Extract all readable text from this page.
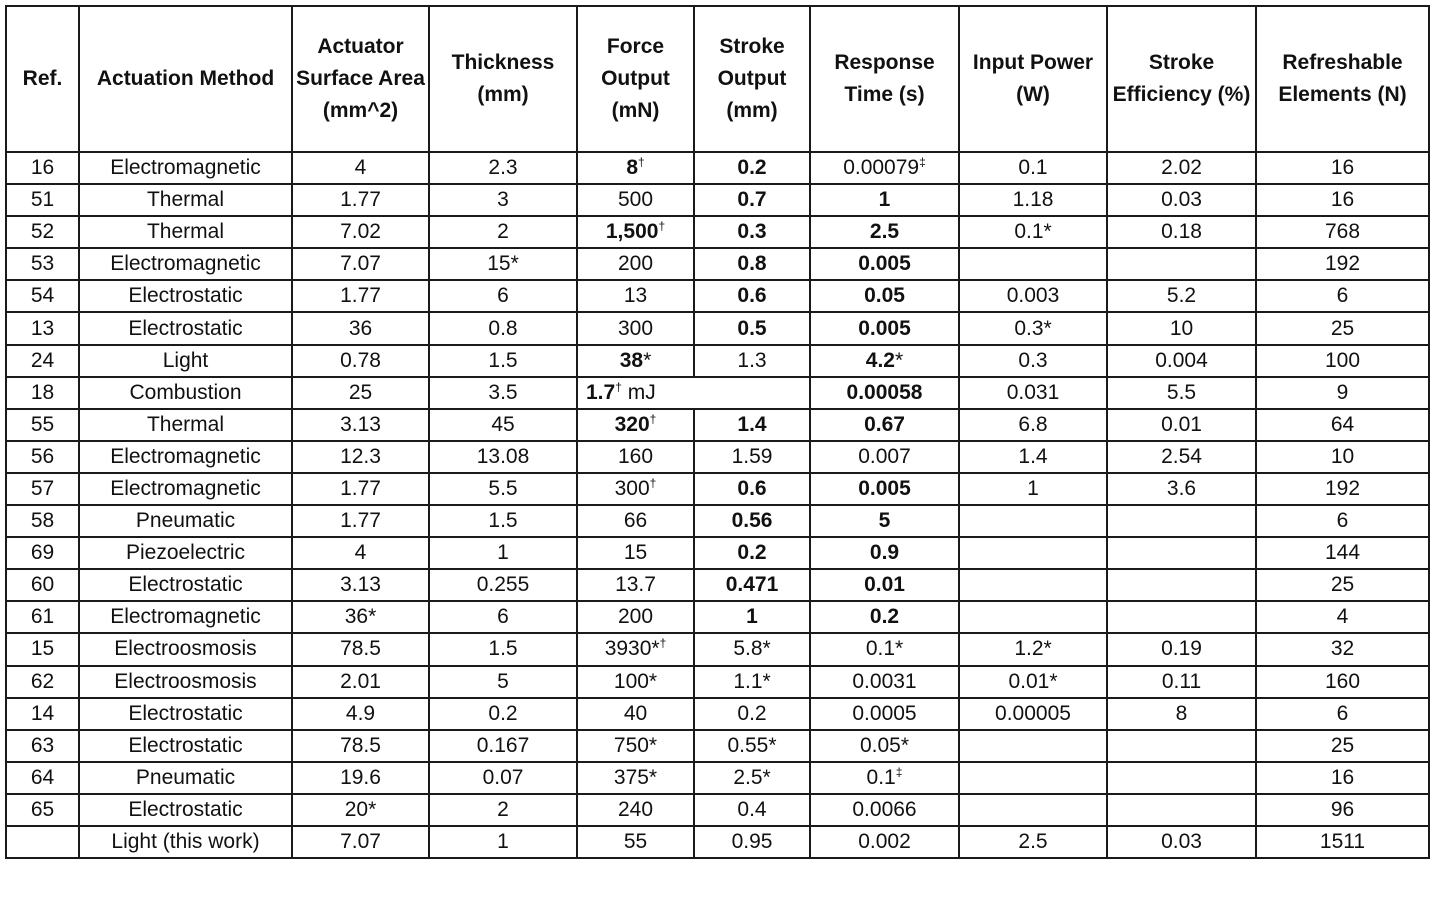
Ref.	Actuation Method	Actuator Surface Area (mm^2)	Thickness (mm)	Force Output (mN)	Stroke Output (mm)	Response Time (s)	Input Power (W)	Stroke Efficiency (%)	Refreshable Elements (N)
16	Electromagnetic	4	2.3	8†	0.2	0.00079‡	0.1	2.02	16
51	Thermal	1.77	3	500	0.7	1	1.18	0.03	16
52	Thermal	7.02	2	1,500†	0.3	2.5	0.1*	0.18	768
53	Electromagnetic	7.07	15*	200	0.8	0.005			192
54	Electrostatic	1.77	6	13	0.6	0.05	0.003	5.2	6
13	Electrostatic	36	0.8	300	0.5	0.005	0.3*	10	25
24	Light	0.78	1.5	38*	1.3	4.2*	0.3	0.004	100
18	Combustion	25	3.5	1.7† mJ		0.00058	0.031	5.5	9
55	Thermal	3.13	45	320†	1.4	0.67	6.8	0.01	64
56	Electromagnetic	12.3	13.08	160	1.59	0.007	1.4	2.54	10
57	Electromagnetic	1.77	5.5	300†	0.6	0.005	1	3.6	192
58	Pneumatic	1.77	1.5	66	0.56	5			6
69	Piezoelectric	4	1	15	0.2	0.9			144
60	Electrostatic	3.13	0.255	13.7	0.471	0.01			25
61	Electromagnetic	36*	6	200	1	0.2			4
15	Electroosmosis	78.5	1.5	3930*†	5.8*	0.1*	1.2*	0.19	32
62	Electroosmosis	2.01	5	100*	1.1*	0.0031	0.01*	0.11	160
14	Electrostatic	4.9	0.2	40	0.2	0.0005	0.00005	8	6
63	Electrostatic	78.5	0.167	750*	0.55*	0.05*			25
64	Pneumatic	19.6	0.07	375*	2.5*	0.1‡			16
65	Electrostatic	20*	2	240	0.4	0.0066			96
	Light (this work)	7.07	1	55	0.95	0.002	2.5	0.03	1511
